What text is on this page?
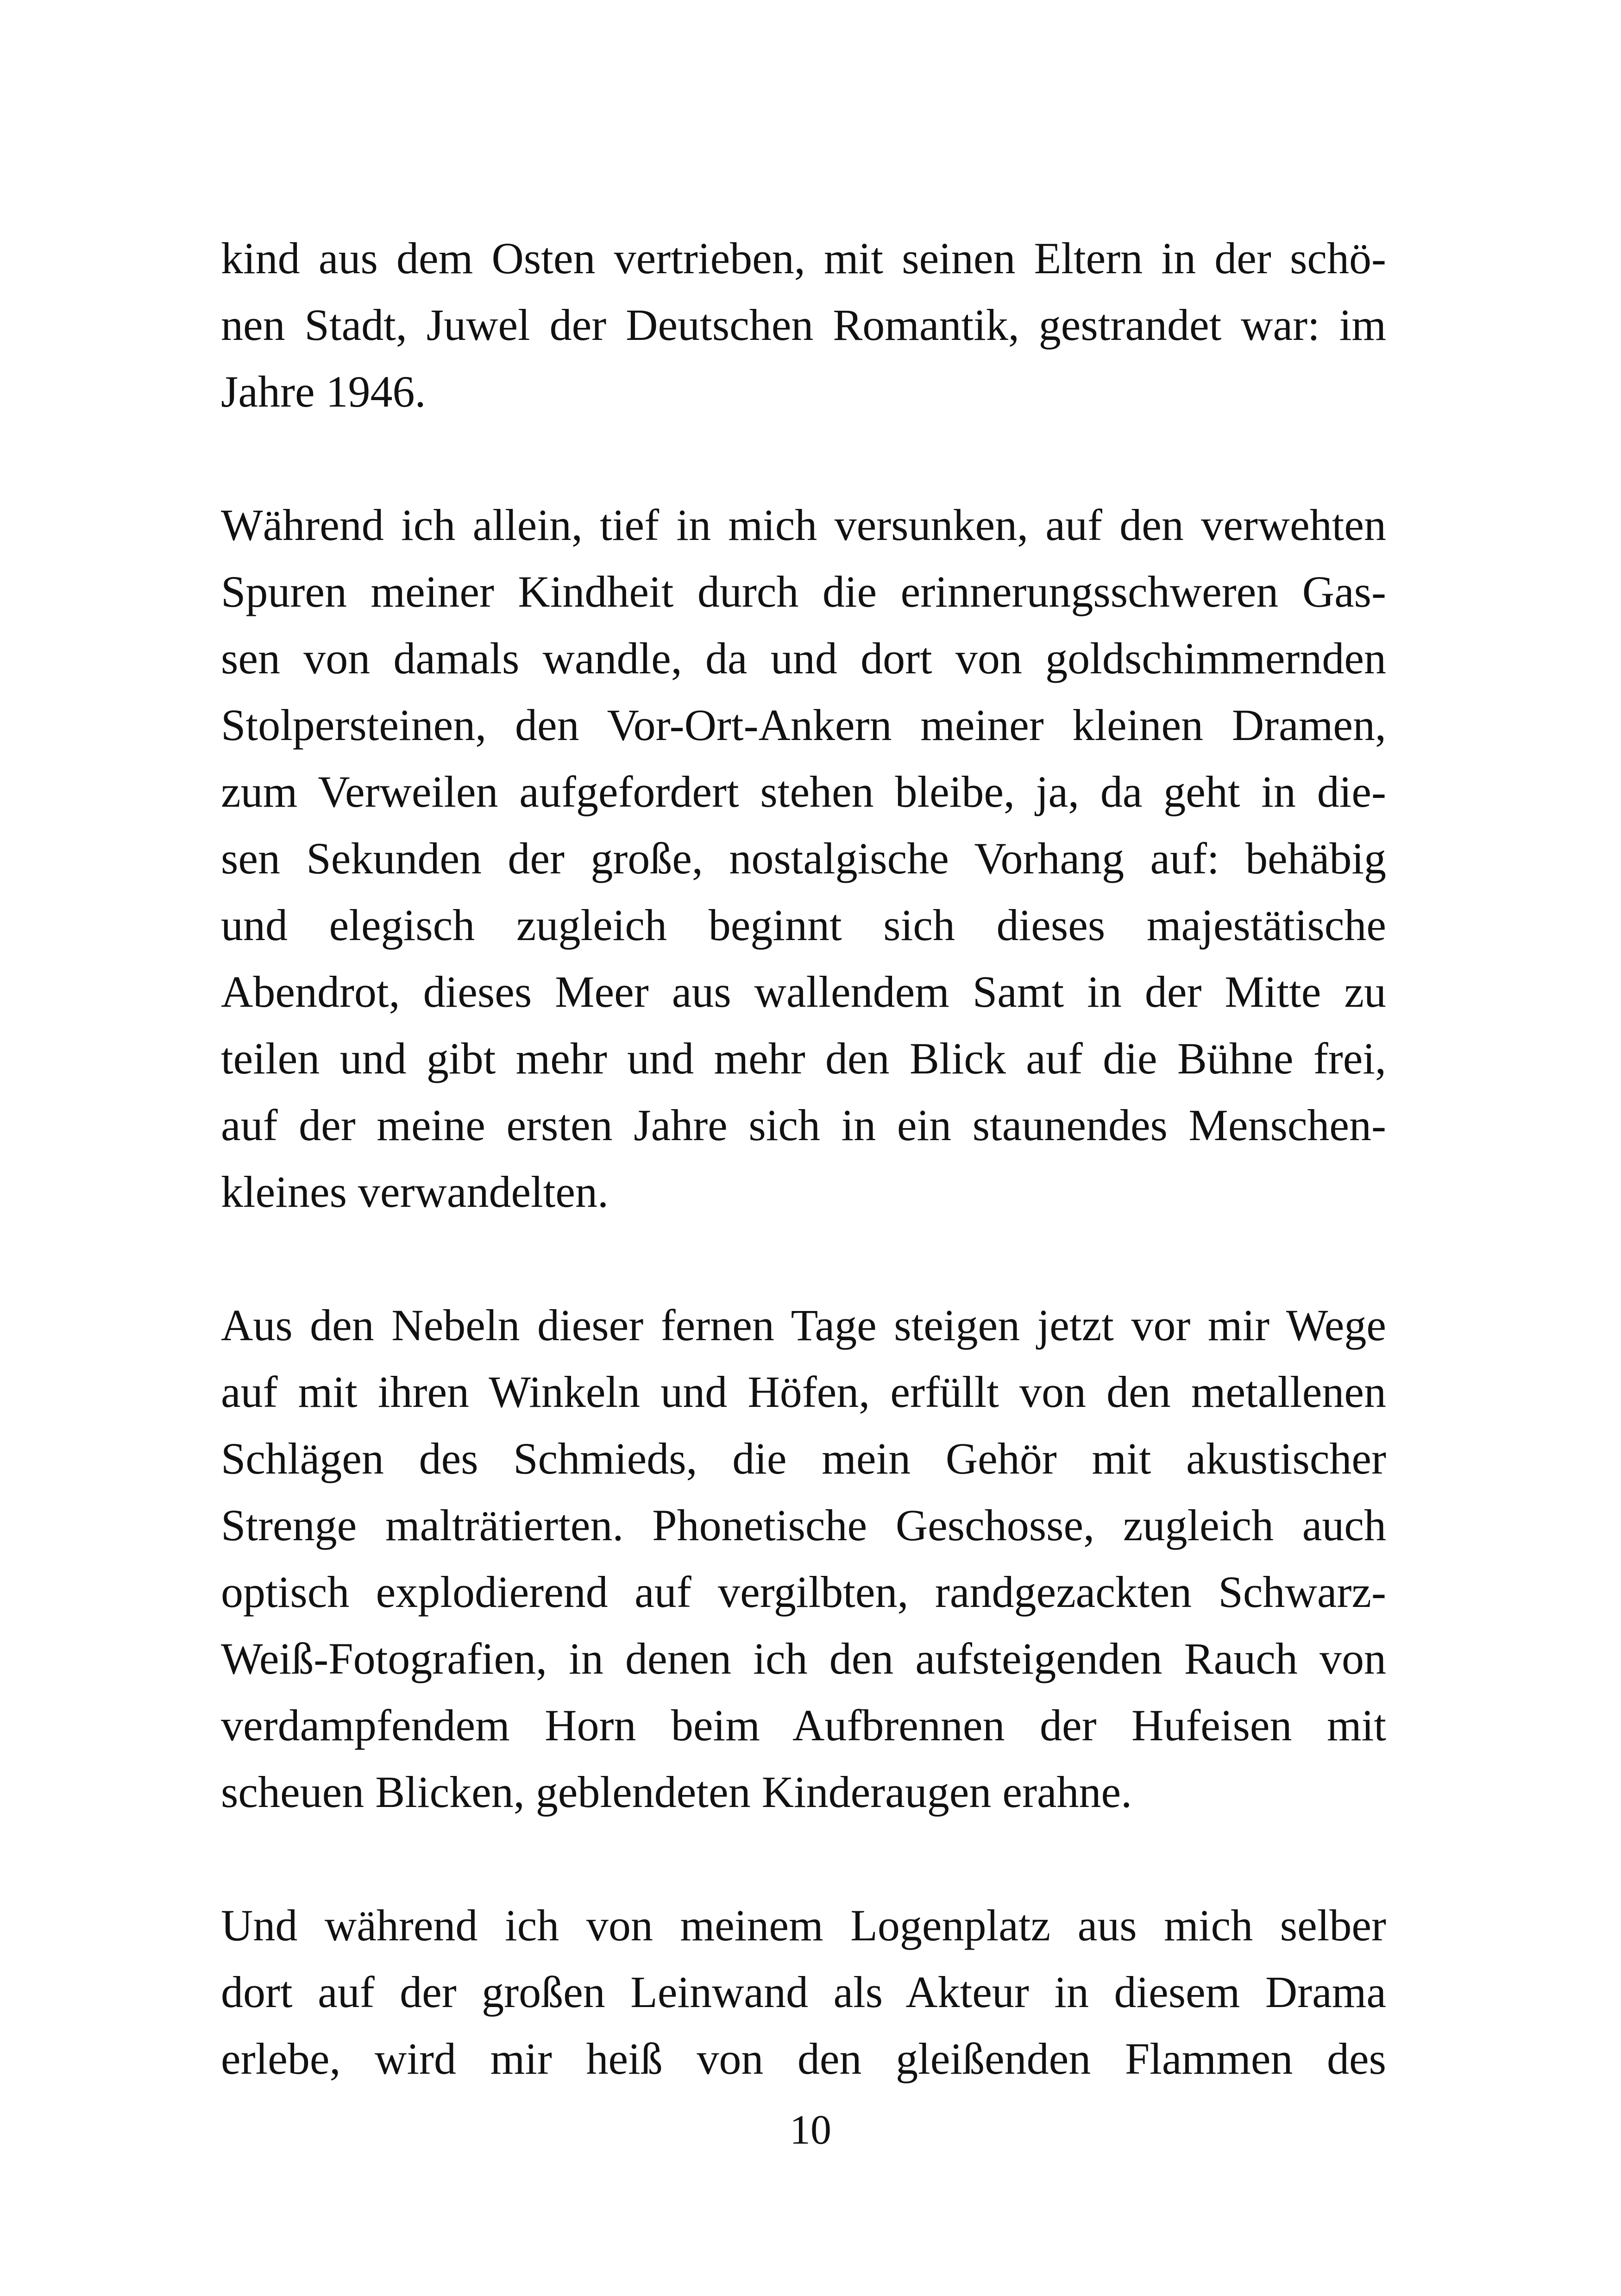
kind aus dem Osten vertrieben, mit seinen Eltern in der schö-
nen Stadt, Juwel der Deutschen Romantik, gestrandet war: im
Jahre 1946.
Während ich allein, tief in mich versunken, auf den verwehten
Spuren meiner Kindheit durch die erinnerungsschweren Gas-
sen von damals wandle, da und dort von goldschimmernden
Stolpersteinen, den Vor-Ort-Ankern meiner kleinen Dramen,
zum Verweilen aufgefordert stehen bleibe, ja, da geht in die-
sen Sekunden der große, nostalgische Vorhang auf: behäbig
und elegisch zugleich beginnt sich dieses majestätische
Abendrot, dieses Meer aus wallendem Samt in der Mitte zu
teilen und gibt mehr und mehr den Blick auf die Bühne frei,
auf der meine ersten Jahre sich in ein staunendes Menschen-
kleines verwandelten.
Aus den Nebeln dieser fernen Tage steigen jetzt vor mir Wege
auf mit ihren Winkeln und Höfen, erfüllt von den metallenen
Schlägen des Schmieds, die mein Gehör mit akustischer
Strenge malträtierten. Phonetische Geschosse, zugleich auch
optisch explodierend auf vergilbten, randgezackten Schwarz-
Weiß-Fotografien, in denen ich den aufsteigenden Rauch von
verdampfendem Horn beim Aufbrennen der Hufeisen mit
scheuen Blicken, geblendeten Kinderaugen erahne.
Und während ich von meinem Logenplatz aus mich selber
dort auf der großen Leinwand als Akteur in diesem Drama
erlebe, wird mir heiß von den gleißenden Flammen des
10
